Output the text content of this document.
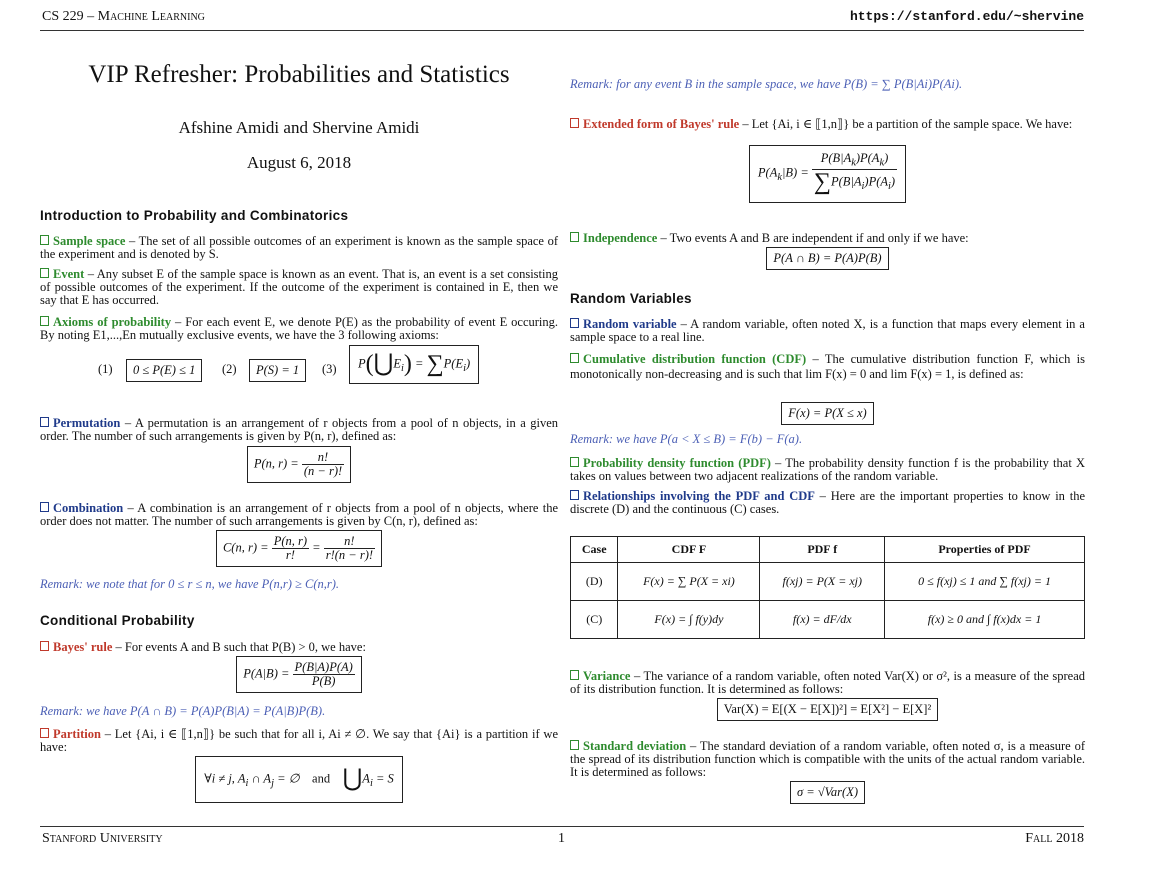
CS 229 – Machine Learning	https://stanford.edu/~shervine
VIP Refresher: Probabilities and Statistics
Afshine Amidi and Shervine Amidi
August 6, 2018
Introduction to Probability and Combinatorics
Sample space – The set of all possible outcomes of an experiment is known as the sample space of the experiment and is denoted by S.
Event – Any subset E of the sample space is known as an event. That is, an event is a set consisting of possible outcomes of the experiment. If the outcome of the experiment is contained in E, then we say that E has occurred.
Axioms of probability – For each event E, we denote P(E) as the probability of event E occuring. By noting E1,...,En mutually exclusive events, we have the 3 following axioms:
(1)	0 ≤ P(E) ≤ 1	(2)	P(S) = 1	(3)	$P(⋃E_i) = \sum P(E_i)$
Permutation – A permutation is an arrangement of r objects from a pool of n objects, in a given order. The number of such arrangements is given by P(n, r), defined as:
P(n, $r) = \frac{n!}{(n - r)!}$
Combination – A combination is an arrangement of r objects from a pool of n objects, where the order does not matter. The number of such arrangements is given by C(n, r), defined as:
C(n, $r) = \frac{P(n, r)}{r!} = \frac{n!}{r!(n - r)!}$
Remark: we note that for 0 ≤ r ≤ n, we have P(n,r) ≥ C(n,r).
Conditional Probability
Bayes' rule – For events A and B such that P(B) > 0, we have:
$P(A|B) = \frac{P(B|A)P(A)}{P(B)}$
Remark: we have P(A ∩ B) = P(A)P(B|A) = P(A|B)P(B).
Partition – Let {Ai, i ∈ ⟦1,n⟧} be such that for all i, Ai ≠ ∅. We say that {Ai} is a partition if we have:
∀i ≠ j, $A_i$ ∩ $A_j$ = ∅    and $⋃A_i = S$
Remark: for any event B in the sample space, we have P(B) = ∑ P(B|Ai)P(Ai).
Extended form of Bayes' rule – Let {Ai, i ∈ ⟦1,n⟧} be a partition of the sample space. We have:
$P(A_k|B) = \frac{P(B|A_k)P(A_k)}{\sum P(B|A_i)P(A_i)}$
Independence – Two events A and B are independent if and only if we have:
P(A ∩ B) = P(A)P(B)
Random Variables
Random variable – A random variable, often noted X, is a function that maps every element in a sample space to a real line.
Cumulative distribution function (CDF) – The cumulative distribution function F, which is monotonically non-decreasing and is such that lim F(x) = 0 and lim F(x) = 1, is defined as:
F(x) = P(X ≤ x)
Remark: we have P(a < X ≤ B) = F(b) − F(a).
Probability density function (PDF) – The probability density function f is the probability that X takes on values between two adjacent realizations of the random variable.
Relationships involving the PDF and CDF – Here are the important properties to know in the discrete (D) and the continuous (C) cases.
Case	CDF F	PDF f	Properties of PDF
(D)	F(x) = ∑ P(X = xi)	f(xj) = P(X = xj)	0 ≤ f(xj) ≤ 1 and ∑ f(xj) = 1
(C)	F(x) = ∫ f(y)dy	f(x) = dF/dx	f(x) ≥ 0 and ∫ f(x)dx = 1
Variance – The variance of a random variable, often noted Var(X) or σ², is a measure of the spread of its distribution function. It is determined as follows:
Var(X) = E[(X − E[X])²] = E[X²] − E[X]²
Standard deviation – The standard deviation of a random variable, often noted σ, is a measure of the spread of its distribution function which is compatible with the units of the actual random variable. It is determined as follows:
σ = √Var(X)
Stanford University	1	Fall 2018
